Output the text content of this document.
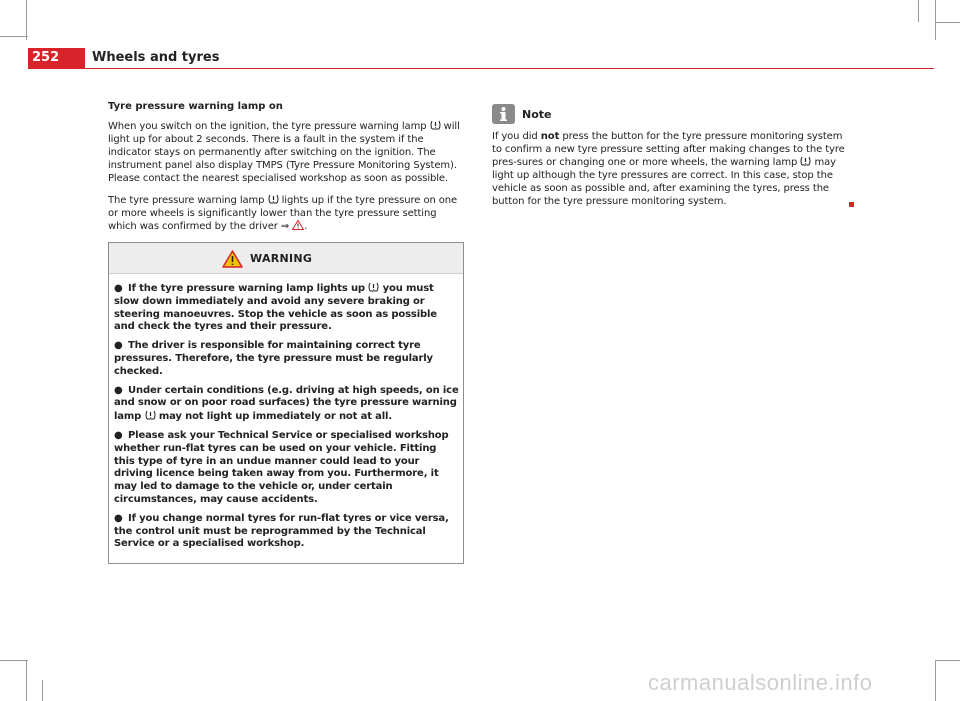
252	Wheels and tyres
Tyre pressure warning lamp on

When you switch on the ignition, the tyre pressure warning lamp will light up for about 2 seconds. There is a fault in the system if the indicator stays on permanently after switching on the ignition. The instrument panel also display TMPS (Tyre Pressure Monitoring System). Please contact the nearest specialised workshop as soon as possible.

The tyre pressure warning lamp lights up if the tyre pressure on one or more wheels is significantly lower than the tyre pressure setting which was confirmed by the driver ⇒ .

WARNING

● If the tyre pressure warning lamp lights up you must slow down immediately and avoid any severe braking or steering manoeuvres. Stop the vehicle as soon as possible and check the tyres and their pressure.

● The driver is responsible for maintaining correct tyre pressures. Therefore, the tyre pressure must be regularly checked.

● Under certain conditions (e.g. driving at high speeds, on ice and snow or on poor road surfaces) the tyre pressure warning lamp may not light up immediately or not at all.

● Please ask your Technical Service or specialised workshop whether run-flat tyres can be used on your vehicle. Fitting this type of tyre in an undue manner could lead to your driving licence being taken away from you. Furthermore, it may led to damage to the vehicle or, under certain circumstances, may cause accidents.

● If you change normal tyres for run-flat tyres or vice versa, the control unit must be reprogrammed by the Technical Service or a specialised workshop.

Note

If you did not press the button for the tyre pressure monitoring system to confirm a new tyre pressure setting after making changes to the tyre pres-sures or changing one or more wheels, the warning lamp may light up although the tyre pressures are correct. In this case, stop the vehicle as soon as possible and, after examining the tyres, press the button for the tyre pressure monitoring system.

carmanualsonline.info
